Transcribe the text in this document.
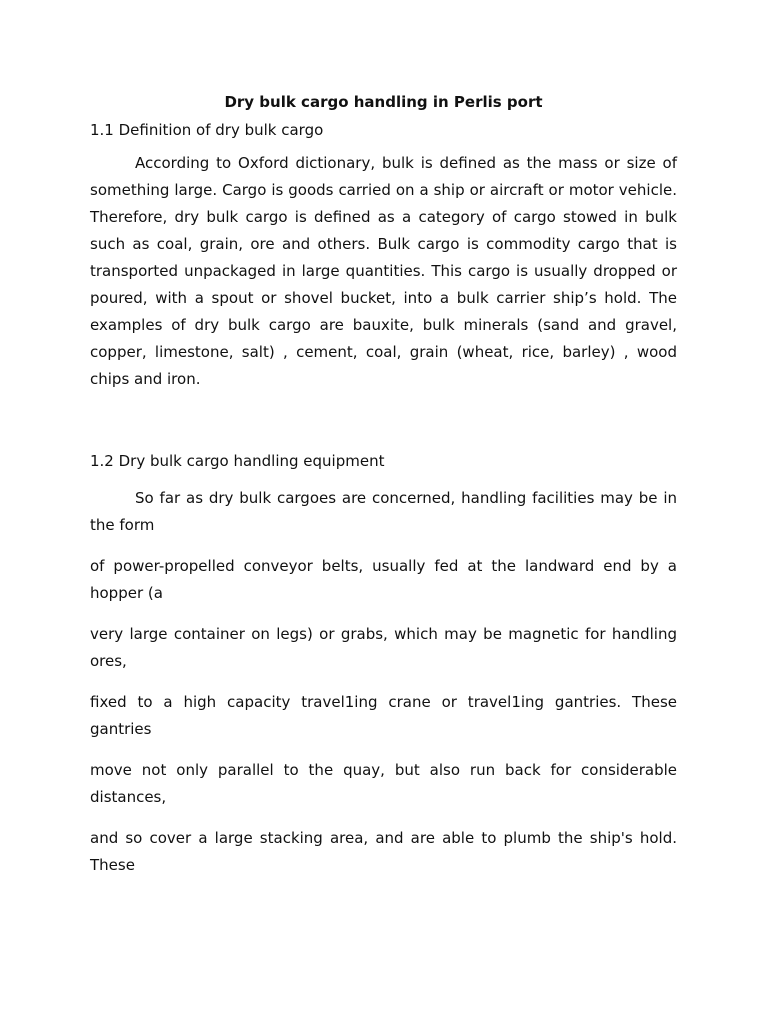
Dry bulk cargo handling in Perlis port
1.1 Definition of dry bulk cargo

According to Oxford dictionary, bulk is defined as the mass or size of something large. Cargo is goods carried on a ship or aircraft or motor vehicle. Therefore, dry bulk cargo is defined as a category of cargo stowed in bulk such as coal, grain, ore and others. Bulk cargo is commodity cargo that is transported unpackaged in large quantities. This cargo is usually dropped or poured, with a spout or shovel bucket, into a bulk carrier ship’s hold. The examples of dry bulk cargo are bauxite, bulk minerals (sand and gravel, copper, limestone, salt) , cement, coal, grain (wheat, rice, barley) , wood chips and iron.

1.2 Dry bulk cargo handling equipment

So far as dry bulk cargoes are concerned, handling facilities may be in the form

of power-propelled conveyor belts, usually fed at the landward end by a hopper (a

very large container on legs) or grabs, which may be magnetic for handling ores,

fixed to a high capacity travel1ing crane or travel1ing gantries. These gantries

move not only parallel to the quay, but also run back for considerable distances,

and so cover a large stacking area, and are able to plumb the ship's hold. These
